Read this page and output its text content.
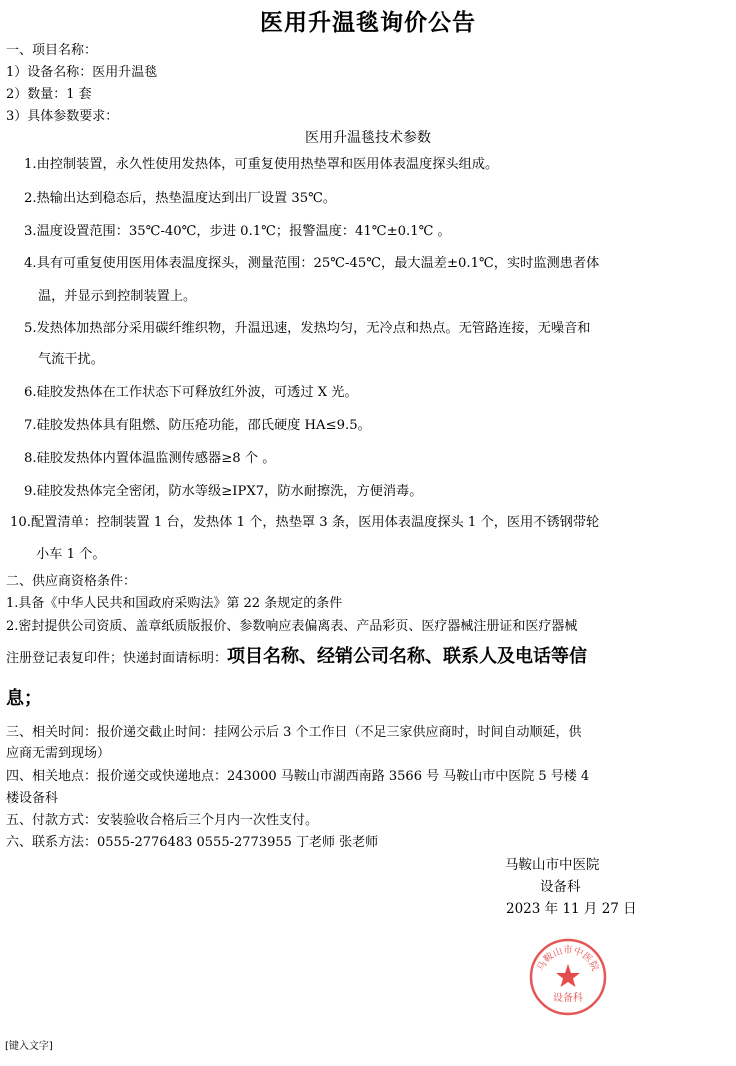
医用升温毯询价公告
一、项目名称：
1）设备名称：医用升温毯
2）数量：1 套
3）具体参数要求：
医用升温毯技术参数
1.由控制装置，永久性使用发热体，可重复使用热垫罩和医用体表温度探头组成。
2.热输出达到稳态后，热垫温度达到出厂设置 35℃。
3.温度设置范围：35℃-40℃，步进 0.1℃；报警温度：41℃±0.1℃ 。
4.具有可重复使用医用体表温度探头，测量范围：25℃-45℃，最大温差±0.1℃，实时监测患者体
温，并显示到控制装置上。
5.发热体加热部分采用碳纤维织物，升温迅速，发热均匀，无冷点和热点。无管路连接，无噪音和
气流干扰。
6.硅胶发热体在工作状态下可释放红外波，可透过 X 光。
7.硅胶发热体具有阻燃、防压疮功能，邵氏硬度 HA≤9.5。
8.硅胶发热体内置体温监测传感器≥8 个 。
9.硅胶发热体完全密闭，防水等级≥IPX7，防水耐擦洗，方便消毒。
10.配置清单：控制装置 1 台，发热体 1 个，热垫罩 3 条，医用体表温度探头 1 个，医用不锈钢带轮
小车 1 个。
二、供应商资格条件：
1.具备《中华人民共和国政府采购法》第 22 条规定的条件
2.密封提供公司资质、盖章纸质版报价、参数响应表偏离表、产品彩页、医疗器械注册证和医疗器械
注册登记表复印件；快递封面请标明：项目名称、经销公司名称、联系人及电话等信
息；
三、相关时间：报价递交截止时间：挂网公示后 3 个工作日（不足三家供应商时，时间自动顺延，供
应商无需到现场）
四、相关地点：报价递交或快递地点：243000 马鞍山市湖西南路 3566 号 马鞍山市中医院 5 号楼 4
楼设备科
五、付款方式：安装验收合格后三个月内一次性支付。
六、联系方法：0555-2776483 0555-2773955 丁老师 张老师
马鞍山市中医院
设备科
2023 年 11 月 27 日
马鞍山市中医院
设备科
[键入文字]
